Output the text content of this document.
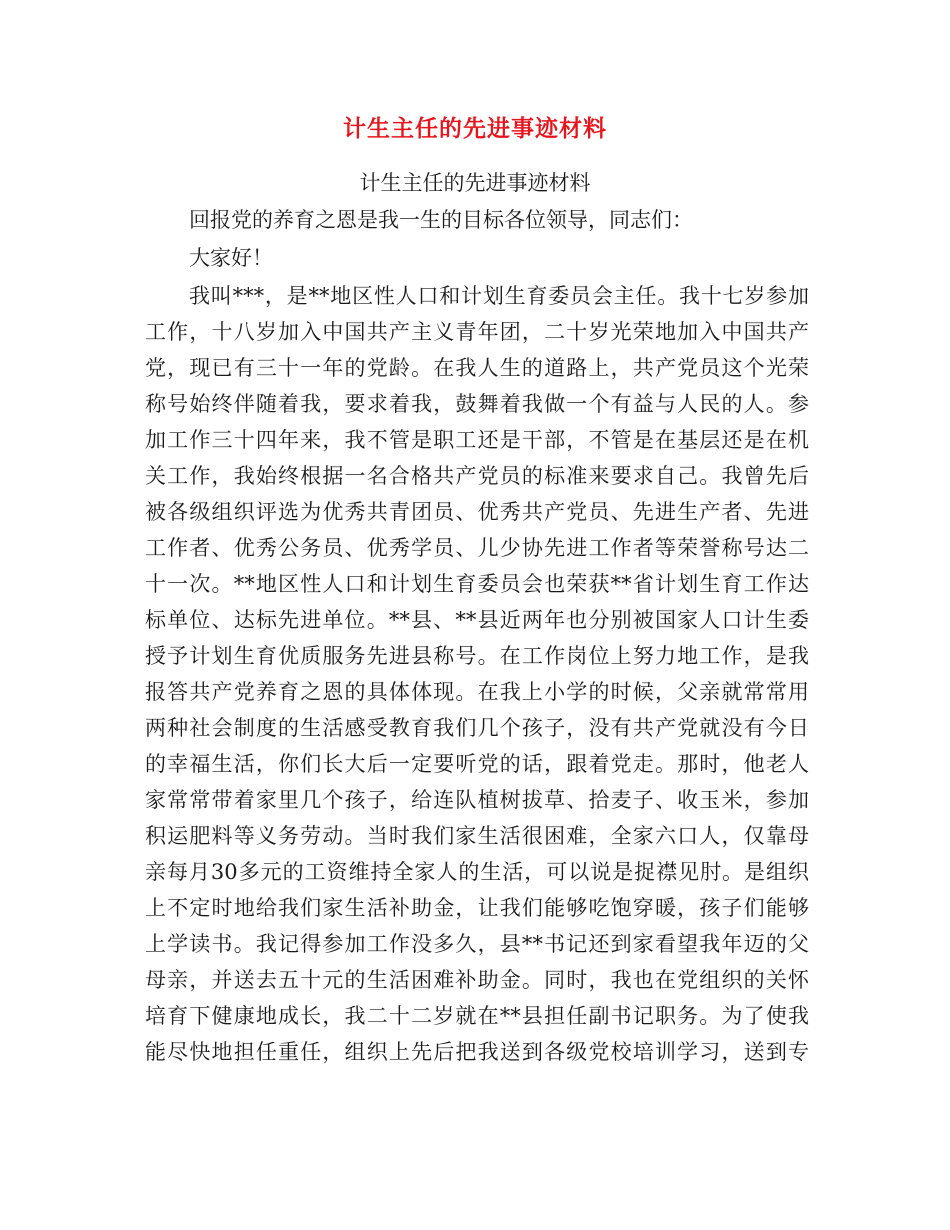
计生主任的先进事迹材料
计生主任的先进事迹材料
回报党的养育之恩是我一生的目标各位领导，同志们：
大家好！
我叫***，是**地区性人口和计划生育委员会主任。我十七岁参加
工作，十八岁加入中国共产主义青年团，二十岁光荣地加入中国共产
党，现已有三十一年的党龄。在我人生的道路上，共产党员这个光荣
称号始终伴随着我，要求着我，鼓舞着我做一个有益与人民的人。参
加工作三十四年来，我不管是职工还是干部，不管是在基层还是在机
关工作，我始终根据一名合格共产党员的标准来要求自己。我曾先后
被各级组织评选为优秀共青团员、优秀共产党员、先进生产者、先进
工作者、优秀公务员、优秀学员、儿少协先进工作者等荣誉称号达二
十一次。**地区性人口和计划生育委员会也荣获**省计划生育工作达
标单位、达标先进单位。**县、**县近两年也分别被国家人口计生委
授予计划生育优质服务先进县称号。在工作岗位上努力地工作，是我
报答共产党养育之恩的具体体现。在我上小学的时候，父亲就常常用
两种社会制度的生活感受教育我们几个孩子，没有共产党就没有今日
的幸福生活，你们长大后一定要听党的话，跟着党走。那时，他老人
家常常带着家里几个孩子，给连队植树拔草、拾麦子、收玉米，参加
积运肥料等义务劳动。当时我们家生活很困难，全家六口人，仅靠母
亲每月30多元的工资维持全家人的生活，可以说是捉襟见肘。是组织
上不定时地给我们家生活补助金，让我们能够吃饱穿暖，孩子们能够
上学读书。我记得参加工作没多久，县**书记还到家看望我年迈的父
母亲，并送去五十元的生活困难补助金。同时，我也在党组织的关怀
培育下健康地成长，我二十二岁就在**县担任副书记职务。为了使我
能尽快地担任重任，组织上先后把我送到各级党校培训学习，送到专
